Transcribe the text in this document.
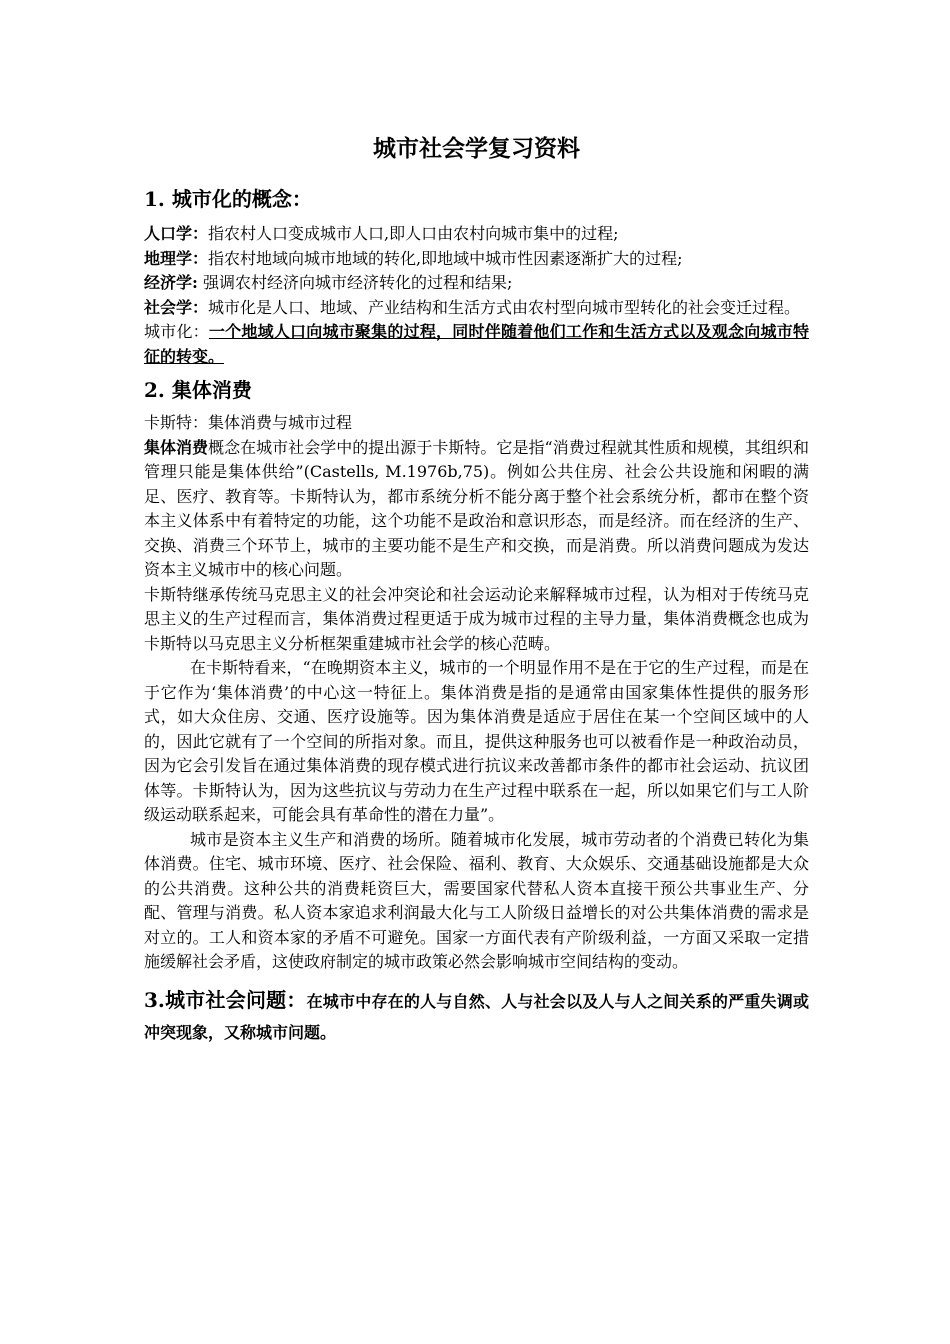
城市社会学复习资料
1. 城市化的概念：

人口学：指农村人口变成城市人口,即人口由农村向城市集中的过程;

地理学：指农村地域向城市地域的转化,即地域中城市性因素逐渐扩大的过程;

经济学: 强调农村经济向城市经济转化的过程和结果;

社会学：城市化是人口、地域、产业结构和生活方式由农村型向城市型转化的社会变迁过程。

城市化：一个地域人口向城市聚集的过程，同时伴随着他们工作和生活方式以及观念向城市特征的转变。

2. 集体消费

卡斯特：集体消费与城市过程

集体消费概念在城市社会学中的提出源于卡斯特。它是指“消费过程就其性质和规模，其组织和管理只能是集体供给”(Castells, M.1976b,75)。例如公共住房、社会公共设施和闲暇的满足、医疗、教育等。卡斯特认为，都市系统分析不能分离于整个社会系统分析，都市在整个资本主义体系中有着特定的功能，这个功能不是政治和意识形态，而是经济。而在经济的生产、交换、消费三个环节上，城市的主要功能不是生产和交换，而是消费。所以消费问题成为发达资本主义城市中的核心问题。

卡斯特继承传统马克思主义的社会冲突论和社会运动论来解释城市过程，认为相对于传统马克思主义的生产过程而言，集体消费过程更适于成为城市过程的主导力量，集体消费概念也成为卡斯特以马克思主义分析框架重建城市社会学的核心范畴。

在卡斯特看来，“在晚期资本主义，城市的一个明显作用不是在于它的生产过程，而是在于它作为‘集体消费’的中心这一特征上。集体消费是指的是通常由国家集体性提供的服务形式，如大众住房、交通、医疗设施等。因为集体消费是适应于居住在某一个空间区域中的人的，因此它就有了一个空间的所指对象。而且，提供这种服务也可以被看作是一种政治动员，因为它会引发旨在通过集体消费的现存模式进行抗议来改善都市条件的都市社会运动、抗议团体等。卡斯特认为，因为这些抗议与劳动力在生产过程中联系在一起，所以如果它们与工人阶级运动联系起来，可能会具有革命性的潜在力量”。

城市是资本主义生产和消费的场所。随着城市化发展，城市劳动者的个消费已转化为集体消费。住宅、城市环境、医疗、社会保险、福利、教育、大众娱乐、交通基础设施都是大众的公共消费。这种公共的消费耗资巨大，需要国家代替私人资本直接干预公共事业生产、分配、管理与消费。私人资本家追求利润最大化与工人阶级日益增长的对公共集体消费的需求是对立的。工人和资本家的矛盾不可避免。国家一方面代表有产阶级利益，一方面又采取一定措施缓解社会矛盾，这使政府制定的城市政策必然会影响城市空间结构的变动。

3.城市社会问题：在城市中存在的人与自然、人与社会以及人与人之间关系的严重失调或冲突现象，又称城市问题。
